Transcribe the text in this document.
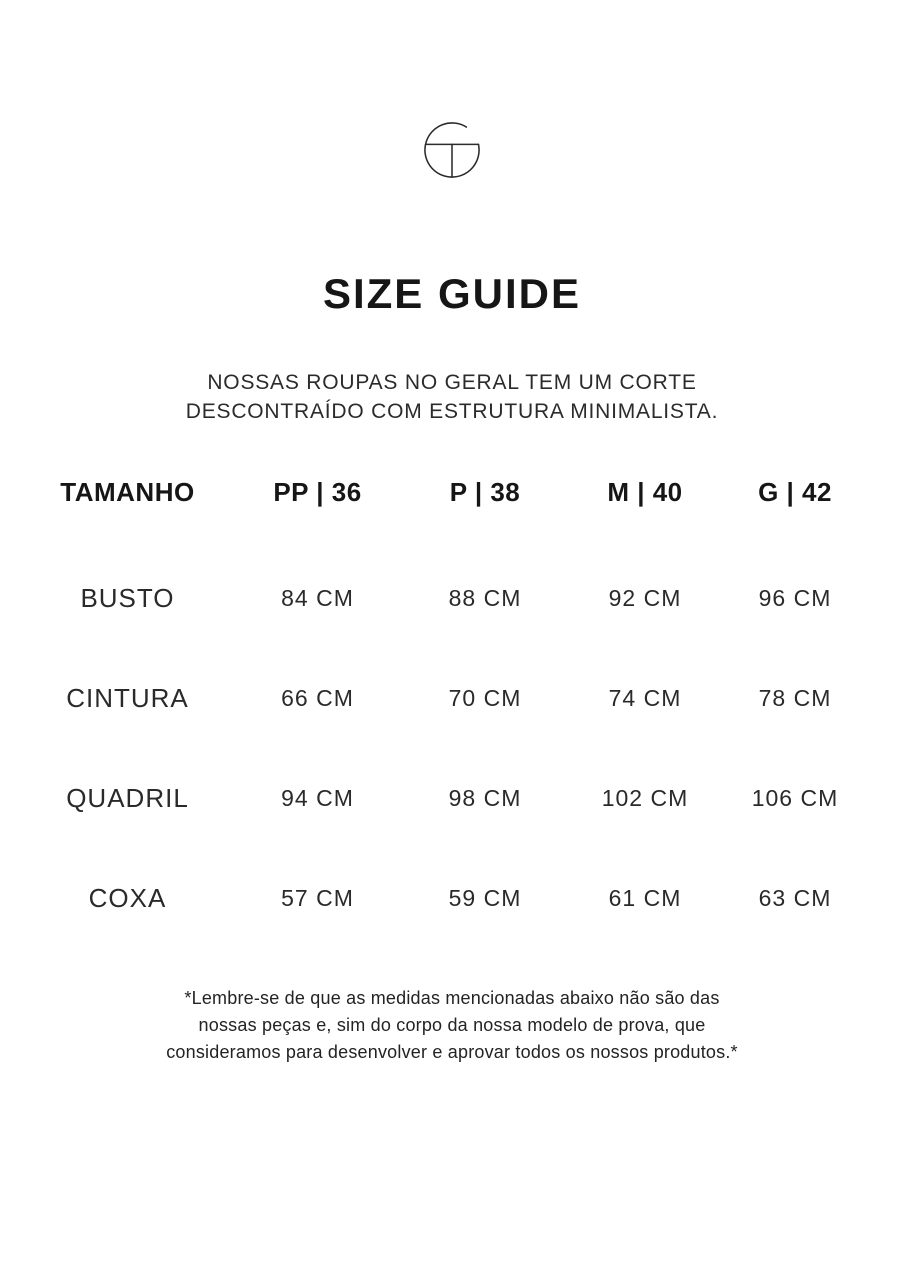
SIZE GUIDE

NOSSAS ROUPAS NO GERAL TEM UM CORTE
DESCONTRAÍDO COM ESTRUTURA MINIMALISTA.

TAMANHO	PP | 36	P | 38	M | 40	G | 42
BUSTO	84 CM	88 CM	92 CM	96 CM
CINTURA	66 CM	70 CM	74 CM	78 CM
QUADRIL	94 CM	98 CM	102 CM	106 CM
COXA	57 CM	59 CM	61 CM	63 CM

*Lembre-se de que as medidas mencionadas abaixo não são das
nossas peças e, sim do corpo da nossa modelo de prova, que
consideramos para desenvolver e aprovar todos os nossos produtos.*
